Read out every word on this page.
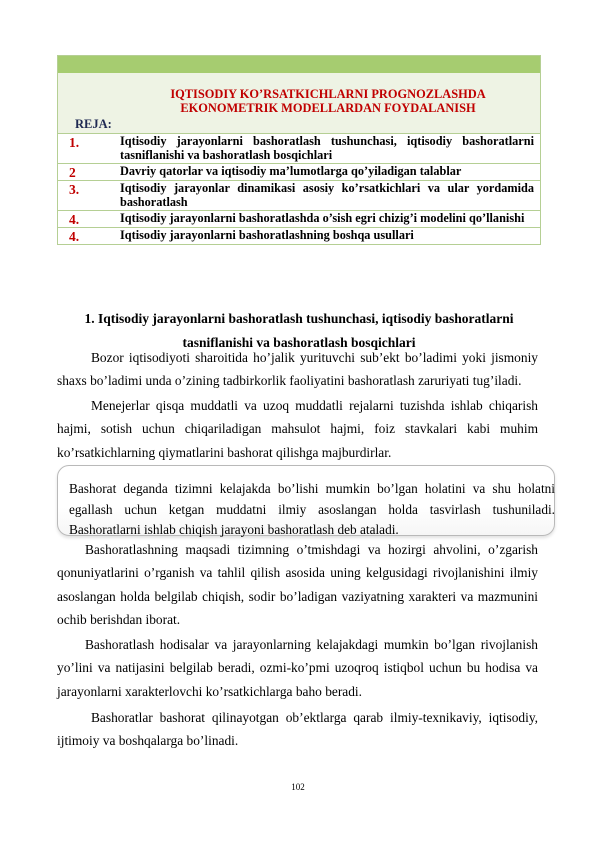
IQTISODIY KO’RSATKICHLARNI PROGNOZLASHDA
EKONOMETRIK MODELLARDAN FOYDALANISH
REJA:
1.	Iqtisodiy jarayonlarni bashoratlash tushunchasi, iqtisodiy bashoratlarni tasniflanishi va bashoratlash bosqichlari
2	Davriy qatorlar va iqtisodiy ma’lumotlarga qo’yiladigan talablar
3.	Iqtisodiy jarayonlar dinamikasi asosiy ko’rsatkichlari va ular yordamida bashoratlash
4.	Iqtisodiy jarayonlarni bashoratlashda o’sish egri chizig’i modelini qo’llanishi
4.	Iqtisodiy jarayonlarni bashoratlashning boshqa usullari
1. Iqtisodiy jarayonlarni bashoratlash tushunchasi, iqtisodiy bashoratlarni
tasniflanishi va bashoratlash bosqichlari
Bozor iqtisodiyoti sharoitida ho’jalik yurituvchi sub’ekt bo’ladimi yoki jismoniy shaxs bo’ladimi unda o’zining tadbirkorlik faoliyatini bashoratlash zaruriyati tug’iladi.
Menejerlar qisqa muddatli va uzoq muddatli rejalarni tuzishda ishlab chiqarish hajmi, sotish uchun chiqariladigan mahsulot hajmi, foiz stavkalari kabi muhim ko’rsatkichlarning qiymatlarini bashorat qilishga majburdirlar.

Bashorat deganda tizimni kelajakda bo’lishi mumkin bo’lgan holatini va shu holatni egallash uchun ketgan muddatni ilmiy asoslangan holda tasvirlash tushuniladi. Bashoratlarni ishlab chiqish jarayoni bashoratlash deb ataladi.

Bashoratlashning maqsadi tizimning o’tmishdagi va hozirgi ahvolini, o’zgarish qonuniyatlarini o’rganish va tahlil qilish asosida uning kelgusidagi rivojlanishini ilmiy asoslangan holda belgilab chiqish, sodir bo’ladigan vaziyatning xarakteri va mazmunini ochib berishdan iborat.
Bashoratlash hodisalar va jarayonlarning kelajakdagi mumkin bo’lgan rivojlanish yo’lini va natijasini belgilab beradi, ozmi-ko’pmi uzoqroq istiqbol uchun bu hodisa va jarayonlarni xarakterlovchi ko’rsatkichlarga baho beradi.
Bashoratlar bashorat qilinayotgan ob’ektlarga qarab ilmiy-texnikaviy, iqtisodiy, ijtimoiy va boshqalarga bo’linadi.
102
